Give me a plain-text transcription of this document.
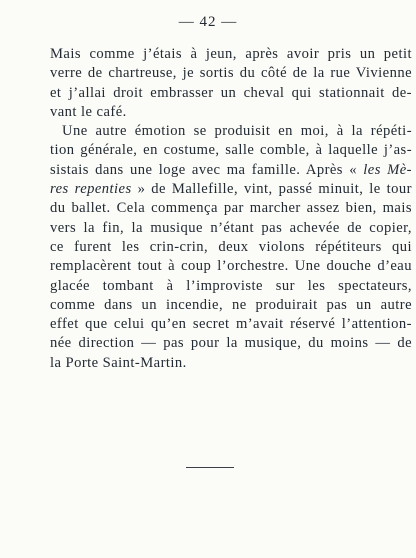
— 42 —
Mais comme j’étais à jeun, après avoir pris un petit
verre de chartreuse, je sortis du côté de la rue Vivienne
et j’allai droit embrasser un cheval qui stationnait de-
vant le café.
Une autre émotion se produisit en moi, à la répéti-
tion générale, en costume, salle comble, à laquelle j’as-
sistais dans une loge avec ma famille. Après « les Mè-
res repenties » de Mallefille, vint, passé minuit, le tour
du ballet. Cela commença par marcher assez bien, mais
vers la fin, la musique n’étant pas achevée de copier,
ce furent les crin-crin, deux violons répétiteurs qui
remplacèrent tout à coup l’orchestre. Une douche d’eau
glacée tombant à l’improviste sur les spectateurs,
comme dans un incendie, ne produirait pas un autre
effet que celui qu’en secret m’avait réservé l’attention-
née direction — pas pour la musique, du moins — de
la Porte Saint-Martin.
